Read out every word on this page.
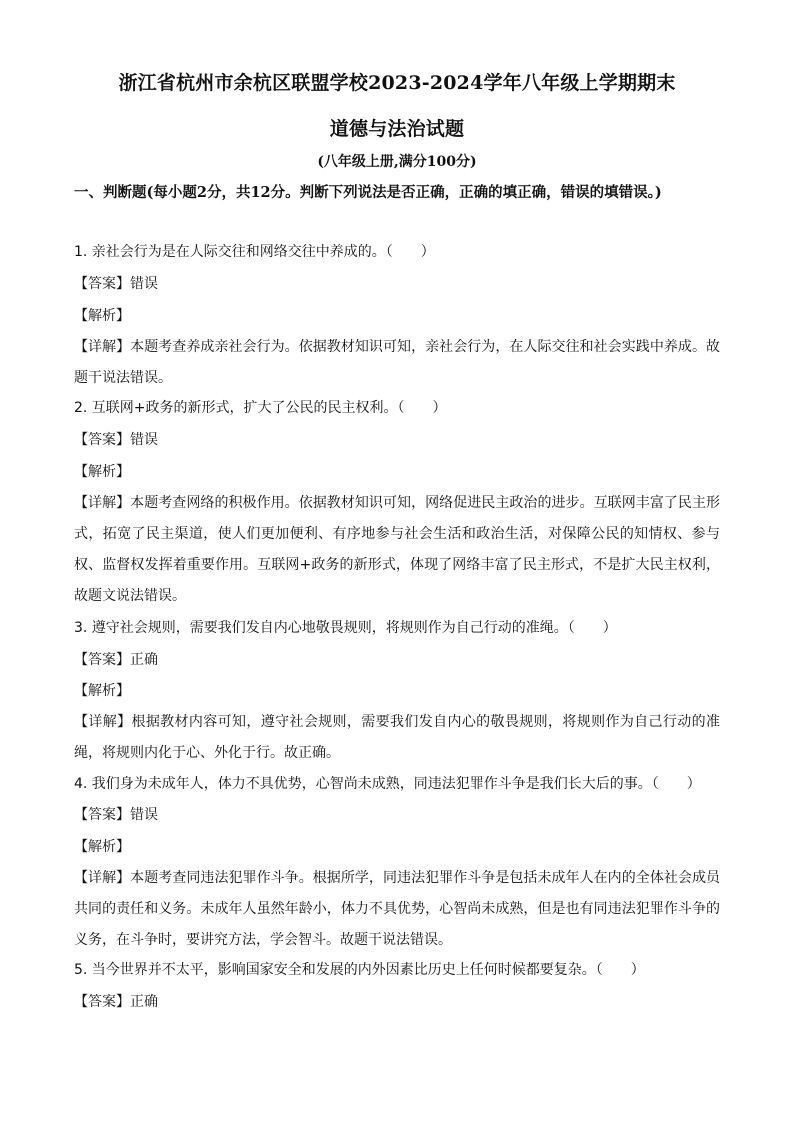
浙江省杭州市余杭区联盟学校2023-2024学年八年级上学期期末
道德与法治试题
(八年级上册,满分100分)
一、判断题(每小题2分，共12分。判断下列说法是否正确，正确的填正确，错误的填错误。)
1. 亲社会行为是在人际交往和网络交往中养成的。（　　）
【答案】错误
【解析】
【详解】本题考查养成亲社会行为。依据教材知识可知，亲社会行为，在人际交往和社会实践中养成。故题干说法错误。
2. 互联网+政务的新形式，扩大了公民的民主权利。（　　）
【答案】错误
【解析】
【详解】本题考查网络的积极作用。依据教材知识可知，网络促进民主政治的进步。互联网丰富了民主形式，拓宽了民主渠道，使人们更加便利、有序地参与社会生活和政治生活，对保障公民的知情权、参与权、监督权发挥着重要作用。互联网+政务的新形式，体现了网络丰富了民主形式，不是扩大民主权利，故题文说法错误。
3. 遵守社会规则，需要我们发自内心地敬畏规则，将规则作为自己行动的准绳。（　　）
【答案】正确
【解析】
【详解】根据教材内容可知，遵守社会规则，需要我们发自内心的敬畏规则，将规则作为自己行动的准绳，将规则内化于心、外化于行。故正确。
4. 我们身为未成年人，体力不具优势，心智尚未成熟，同违法犯罪作斗争是我们长大后的事。（　　）
【答案】错误
【解析】
【详解】本题考查同违法犯罪作斗争。根据所学，同违法犯罪作斗争是包括未成年人在内的全体社会成员共同的责任和义务。未成年人虽然年龄小，体力不具优势，心智尚未成熟，但是也有同违法犯罪作斗争的义务，在斗争时，要讲究方法，学会智斗。故题干说法错误。
5. 当今世界并不太平，影响国家安全和发展的内外因素比历史上任何时候都要复杂。（　　）
【答案】正确
